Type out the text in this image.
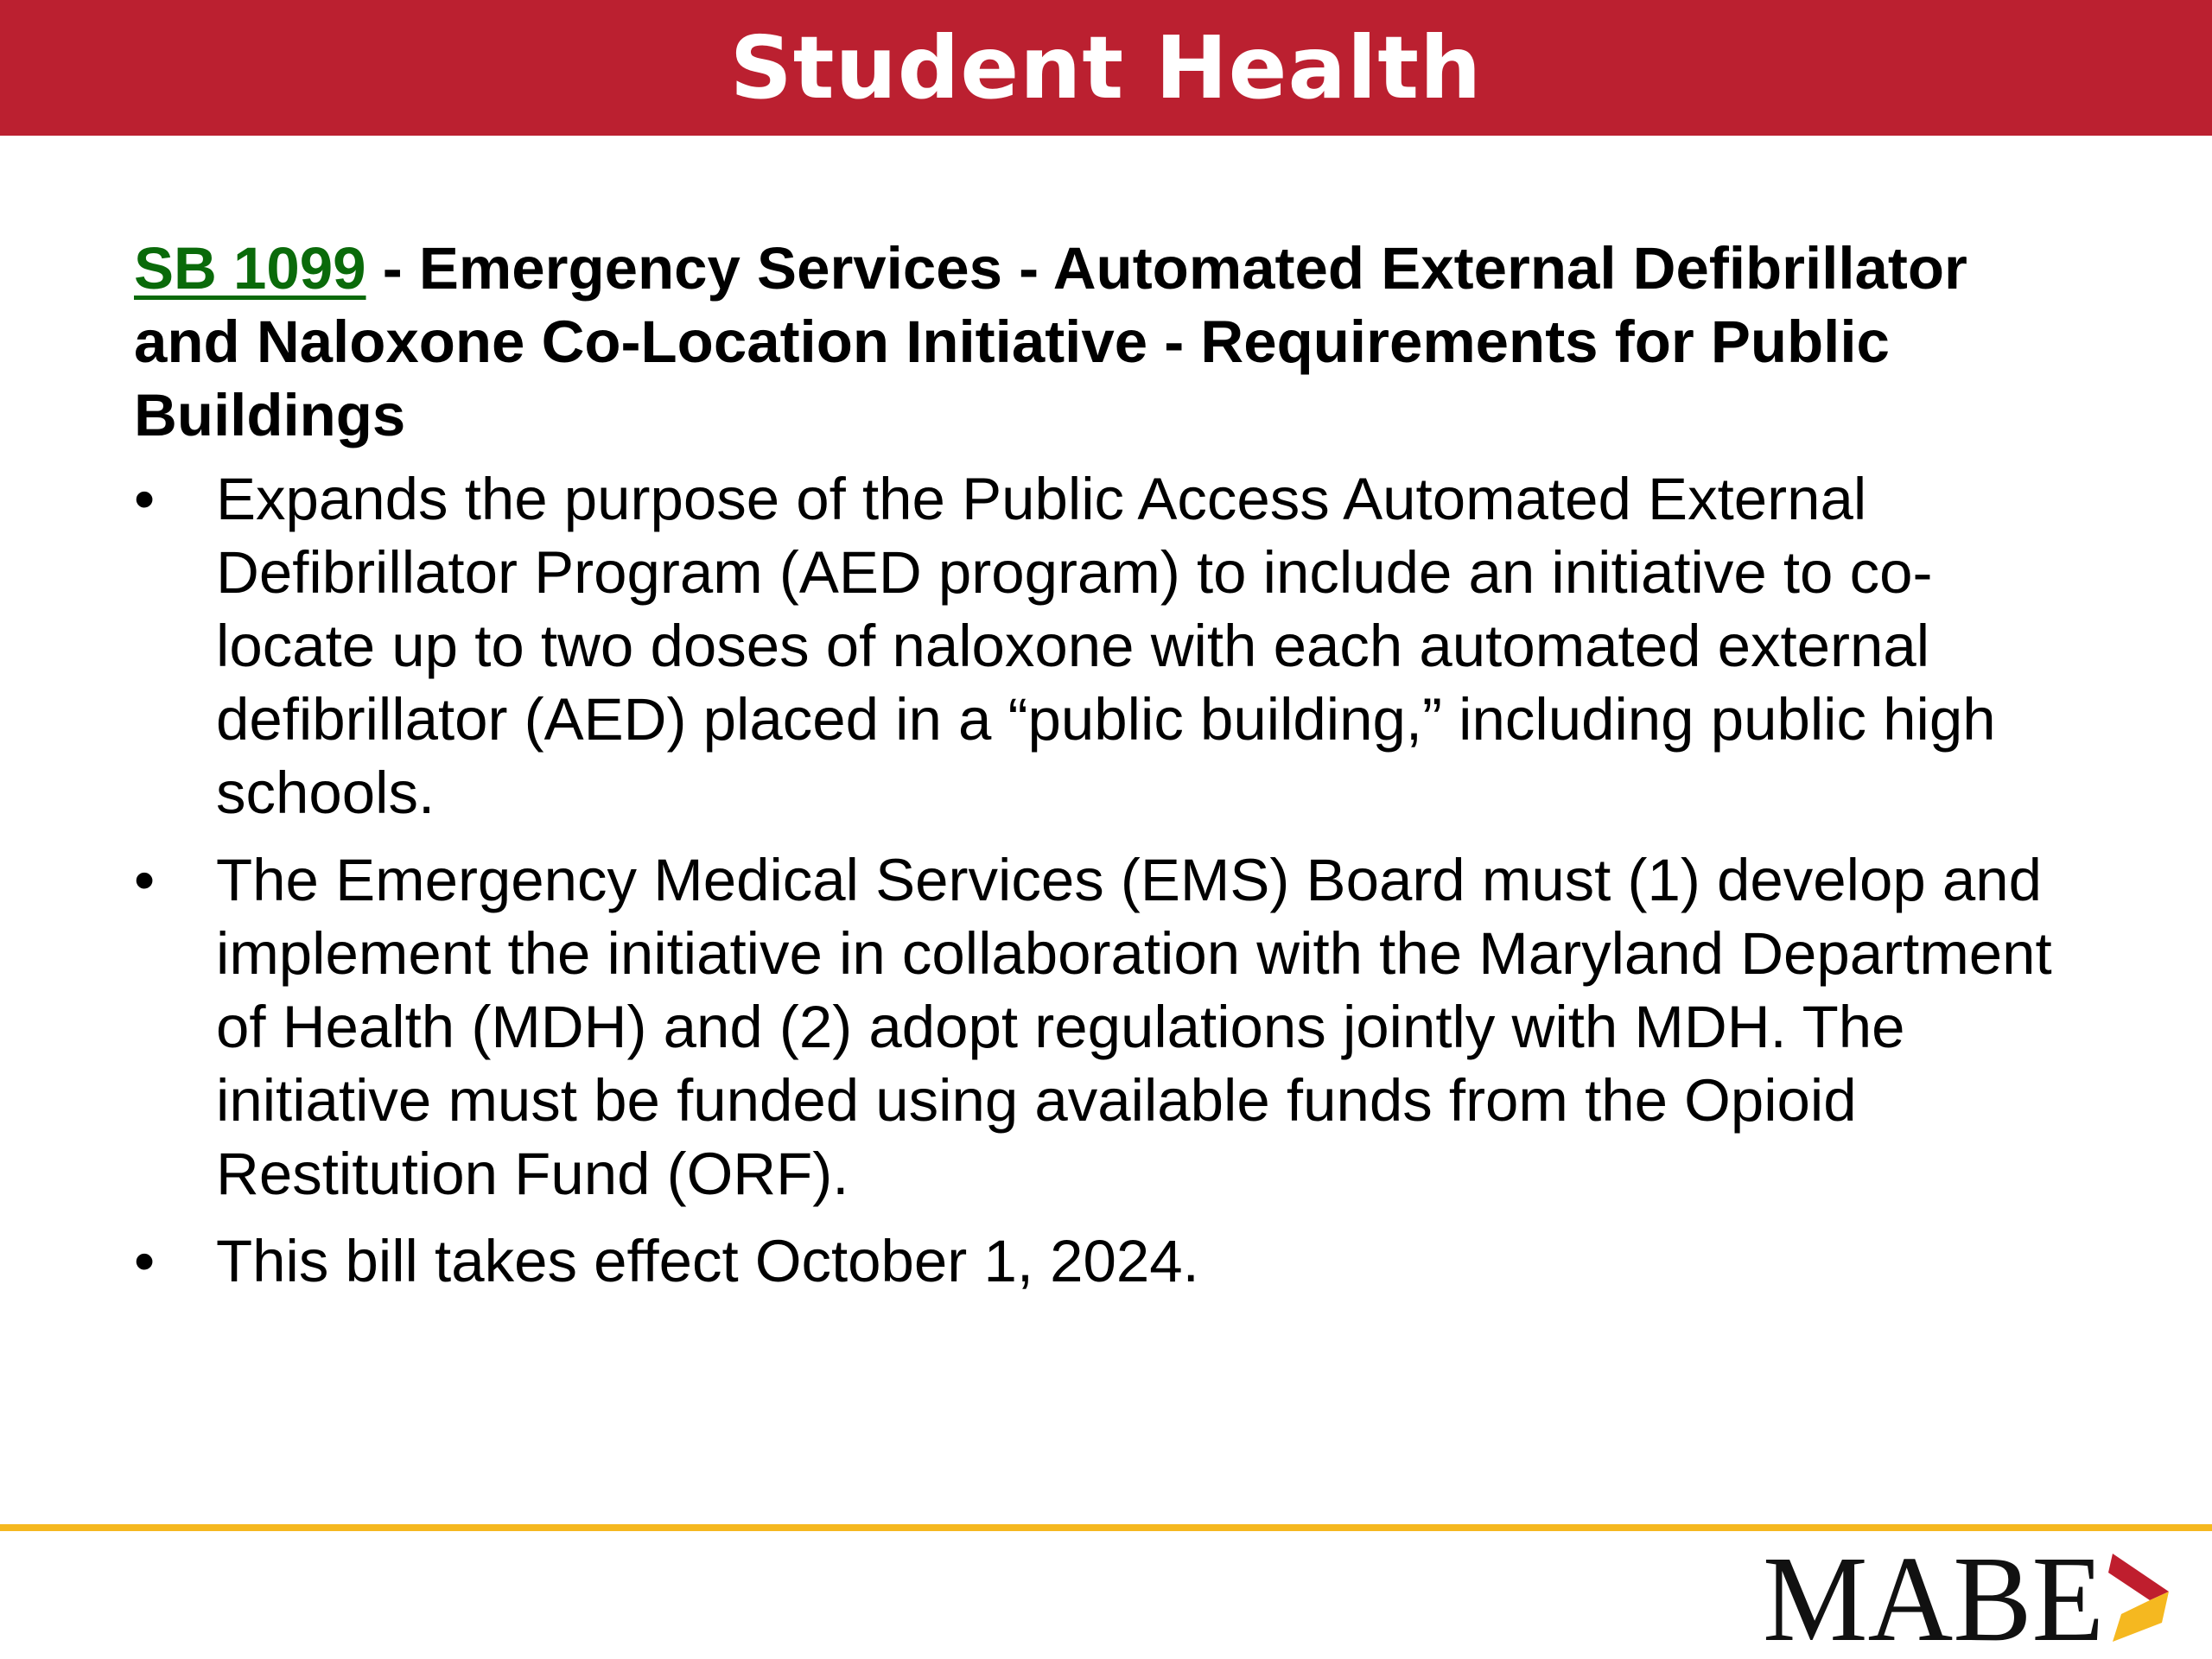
Student Health

SB 1099 - Emergency Services - Automated External Defibrillator and Naloxone Co-Location Initiative - Requirements for Public Buildings

• Expands the purpose of the Public Access Automated External Defibrillator Program (AED program) to include an initiative to co-locate up to two doses of naloxone with each automated external defibrillator (AED) placed in a “public building,” including public high schools.
• The Emergency Medical Services (EMS) Board must (1) develop and implement the initiative in collaboration with the Maryland Department of Health (MDH) and (2) adopt regulations jointly with MDH. The initiative must be funded using available funds from the Opioid Restitution Fund (ORF).
• This bill takes effect October 1, 2024.
MABE
